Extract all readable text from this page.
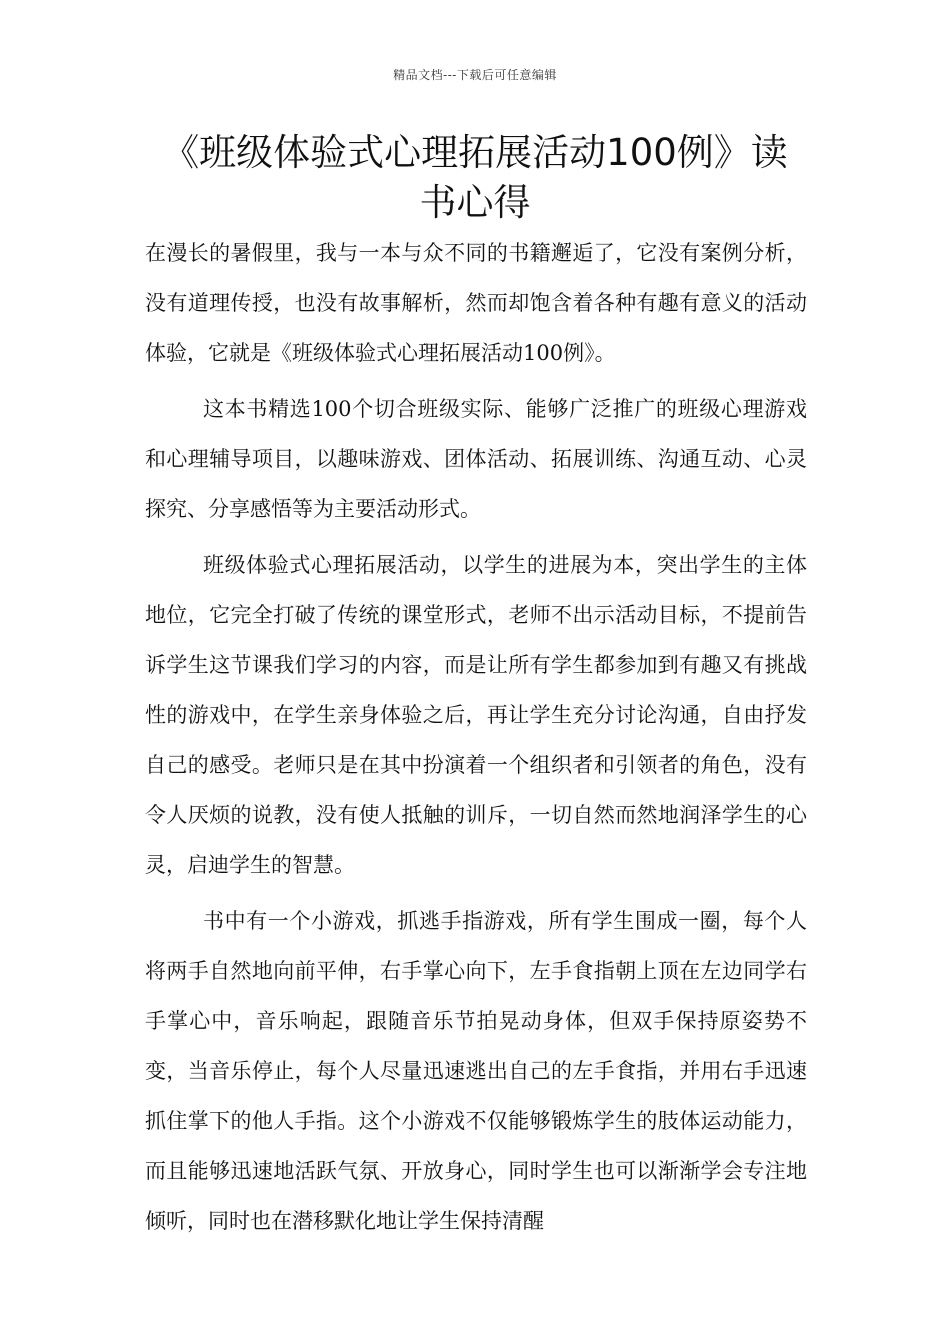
精品文档---下载后可任意编辑
《班级体验式心理拓展活动100例》读书心得

在漫长的暑假里，我与一本与众不同的书籍邂逅了，它没有案例分析，没有道理传授，也没有故事解析，然而却饱含着各种有趣有意义的活动体验，它就是《班级体验式心理拓展活动100例》。

这本书精选100个切合班级实际、能够广泛推广的班级心理游戏和心理辅导项目，以趣味游戏、团体活动、拓展训练、沟通互动、心灵探究、分享感悟等为主要活动形式。

班级体验式心理拓展活动，以学生的进展为本，突出学生的主体地位，它完全打破了传统的课堂形式，老师不出示活动目标，不提前告诉学生这节课我们学习的内容，而是让所有学生都参加到有趣又有挑战性的游戏中，在学生亲身体验之后，再让学生充分讨论沟通，自由抒发自己的感受。老师只是在其中扮演着一个组织者和引领者的角色，没有令人厌烦的说教，没有使人抵触的训斥，一切自然而然地润泽学生的心灵，启迪学生的智慧。

书中有一个小游戏，抓逃手指游戏，所有学生围成一圈，每个人将两手自然地向前平伸，右手掌心向下，左手食指朝上顶在左边同学右手掌心中，音乐响起，跟随音乐节拍晃动身体，但双手保持原姿势不变，当音乐停止，每个人尽量迅速逃出自己的左手食指，并用右手迅速抓住掌下的他人手指。这个小游戏不仅能够锻炼学生的肢体运动能力，而且能够迅速地活跃气氛、开放身心，同时学生也可以渐渐学会专注地倾听，同时也在潜移默化地让学生保持清醒
